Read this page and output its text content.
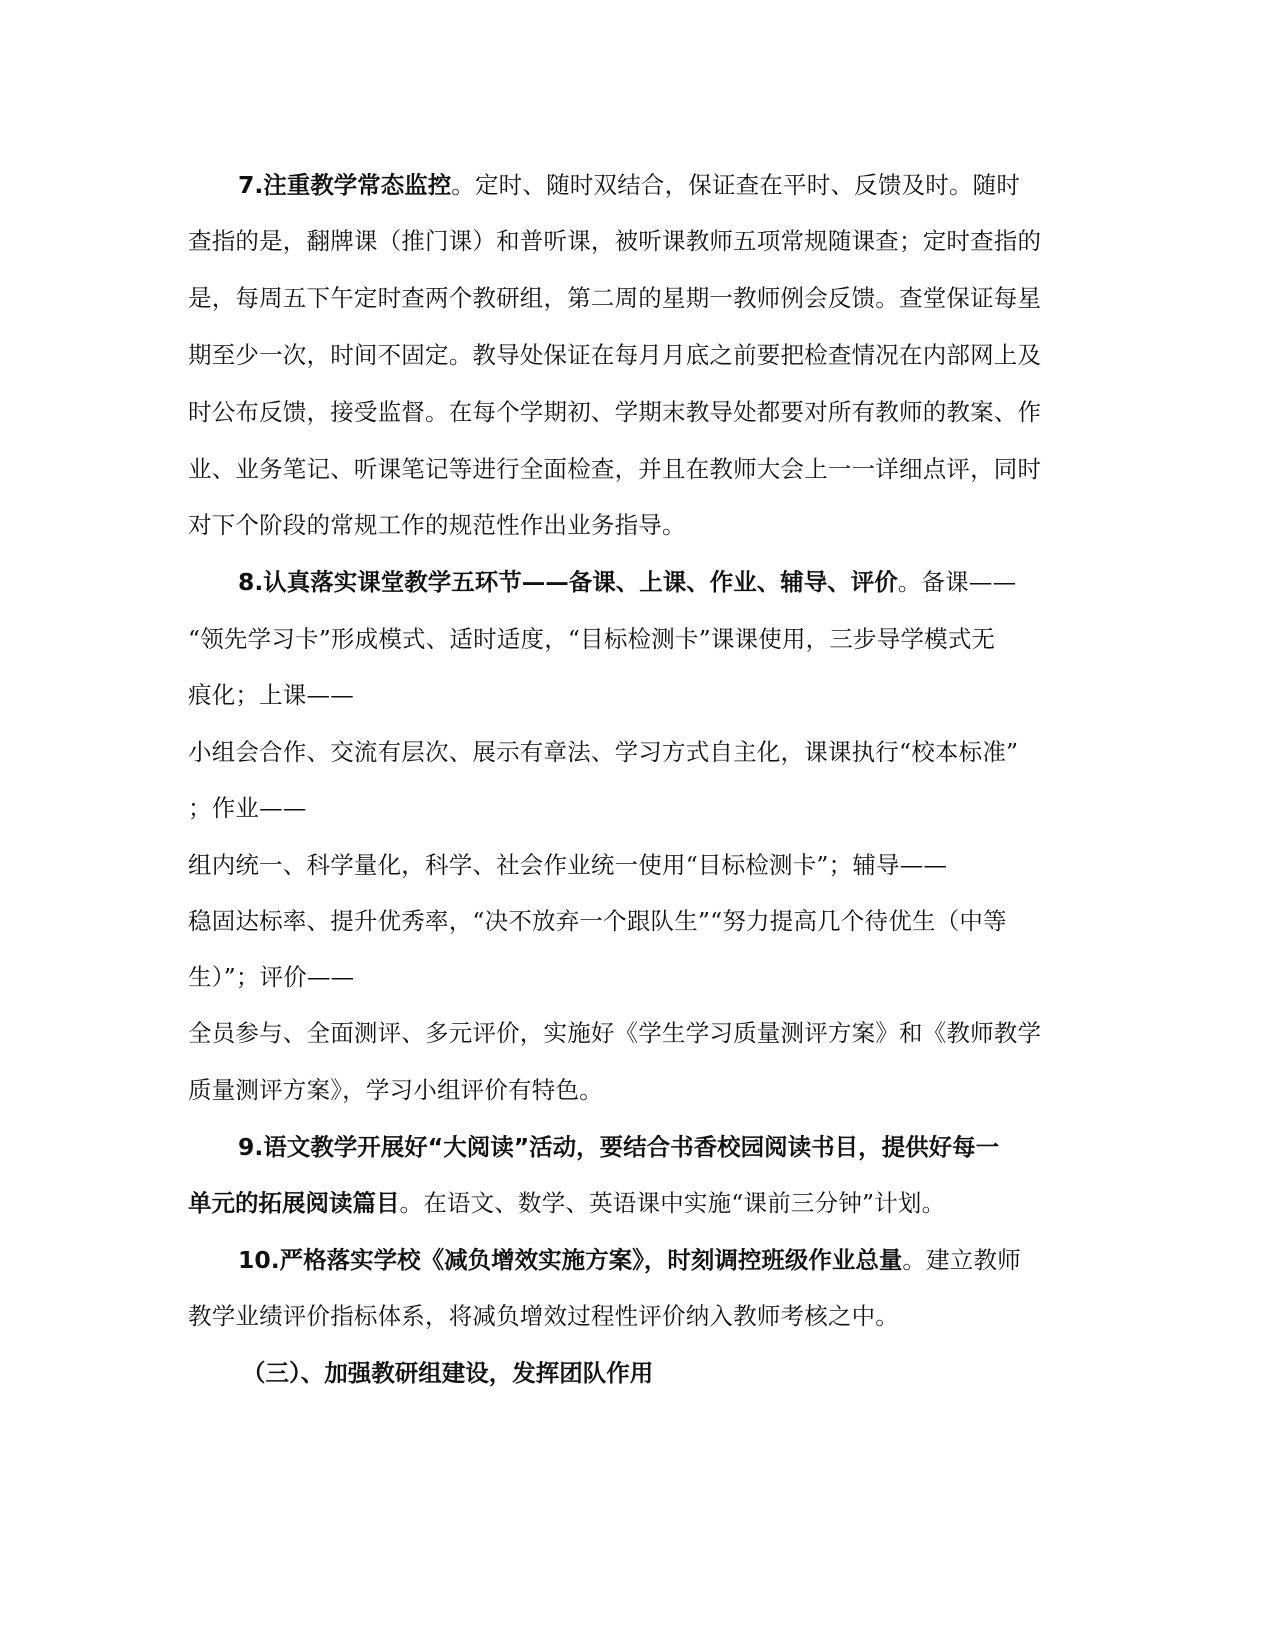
7.注重教学常态监控。定时、随时双结合，保证查在平时、反馈及时。随时
查指的是，翻牌课（推门课）和普听课，被听课教师五项常规随课查；定时查指的
是，每周五下午定时查两个教研组，第二周的星期一教师例会反馈。查堂保证每星
期至少一次，时间不固定。教导处保证在每月月底之前要把检查情况在内部网上及
时公布反馈，接受监督。在每个学期初、学期末教导处都要对所有教师的教案、作
业、业务笔记、听课笔记等进行全面检查，并且在教师大会上一一详细点评，同时
对下个阶段的常规工作的规范性作出业务指导。
8.认真落实课堂教学五环节——备课、上课、作业、辅导、评价。备课——
“领先学习卡”形成模式、适时适度，“目标检测卡”课课使用，三步导学模式无
痕化；上课——
小组会合作、交流有层次、展示有章法、学习方式自主化，课课执行“校本标准”
；作业——
组内统一、科学量化，科学、社会作业统一使用“目标检测卡”；辅导——
稳固达标率、提升优秀率，“决不放弃一个跟队生”“努力提高几个待优生（中等
生）”；评价——
全员参与、全面测评、多元评价，实施好《学生学习质量测评方案》和《教师教学
质量测评方案》，学习小组评价有特色。
9.语文教学开展好“大阅读”活动，要结合书香校园阅读书目，提供好每一
单元的拓展阅读篇目。在语文、数学、英语课中实施“课前三分钟”计划。
10.严格落实学校《减负增效实施方案》，时刻调控班级作业总量。建立教师
教学业绩评价指标体系，将减负增效过程性评价纳入教师考核之中。
（三）、加强教研组建设，发挥团队作用
